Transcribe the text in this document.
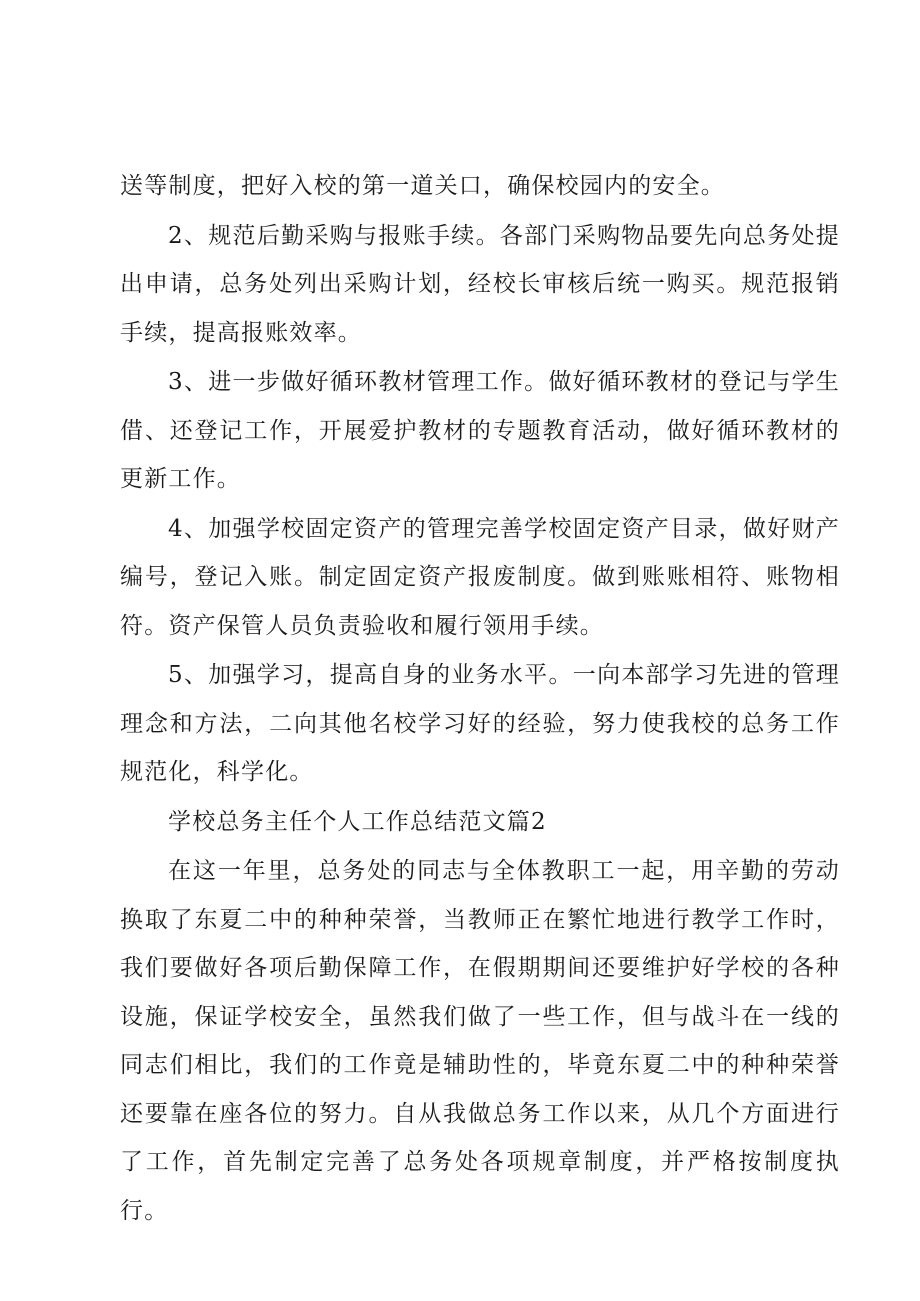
送等制度，把好入校的第一道关口，确保校园内的安全。

2、规范后勤采购与报账手续。各部门采购物品要先向总务处提出申请，总务处列出采购计划，经校长审核后统一购买。规范报销手续，提高报账效率。

3、进一步做好循环教材管理工作。做好循环教材的登记与学生借、还登记工作，开展爱护教材的专题教育活动，做好循环教材的更新工作。

4、加强学校固定资产的管理完善学校固定资产目录，做好财产编号，登记入账。制定固定资产报废制度。做到账账相符、账物相符。资产保管人员负责验收和履行领用手续。

5、加强学习，提高自身的业务水平。一向本部学习先进的管理理念和方法，二向其他名校学习好的经验，努力使我校的总务工作规范化，科学化。

学校总务主任个人工作总结范文篇2

在这一年里，总务处的同志与全体教职工一起，用辛勤的劳动换取了东夏二中的种种荣誉，当教师正在繁忙地进行教学工作时，我们要做好各项后勤保障工作，在假期期间还要维护好学校的各种设施，保证学校安全，虽然我们做了一些工作，但与战斗在一线的同志们相比，我们的工作竟是辅助性的，毕竟东夏二中的种种荣誉还要靠在座各位的努力。自从我做总务工作以来，从几个方面进行了工作，首先制定完善了总务处各项规章制度，并严格按制度执行。
